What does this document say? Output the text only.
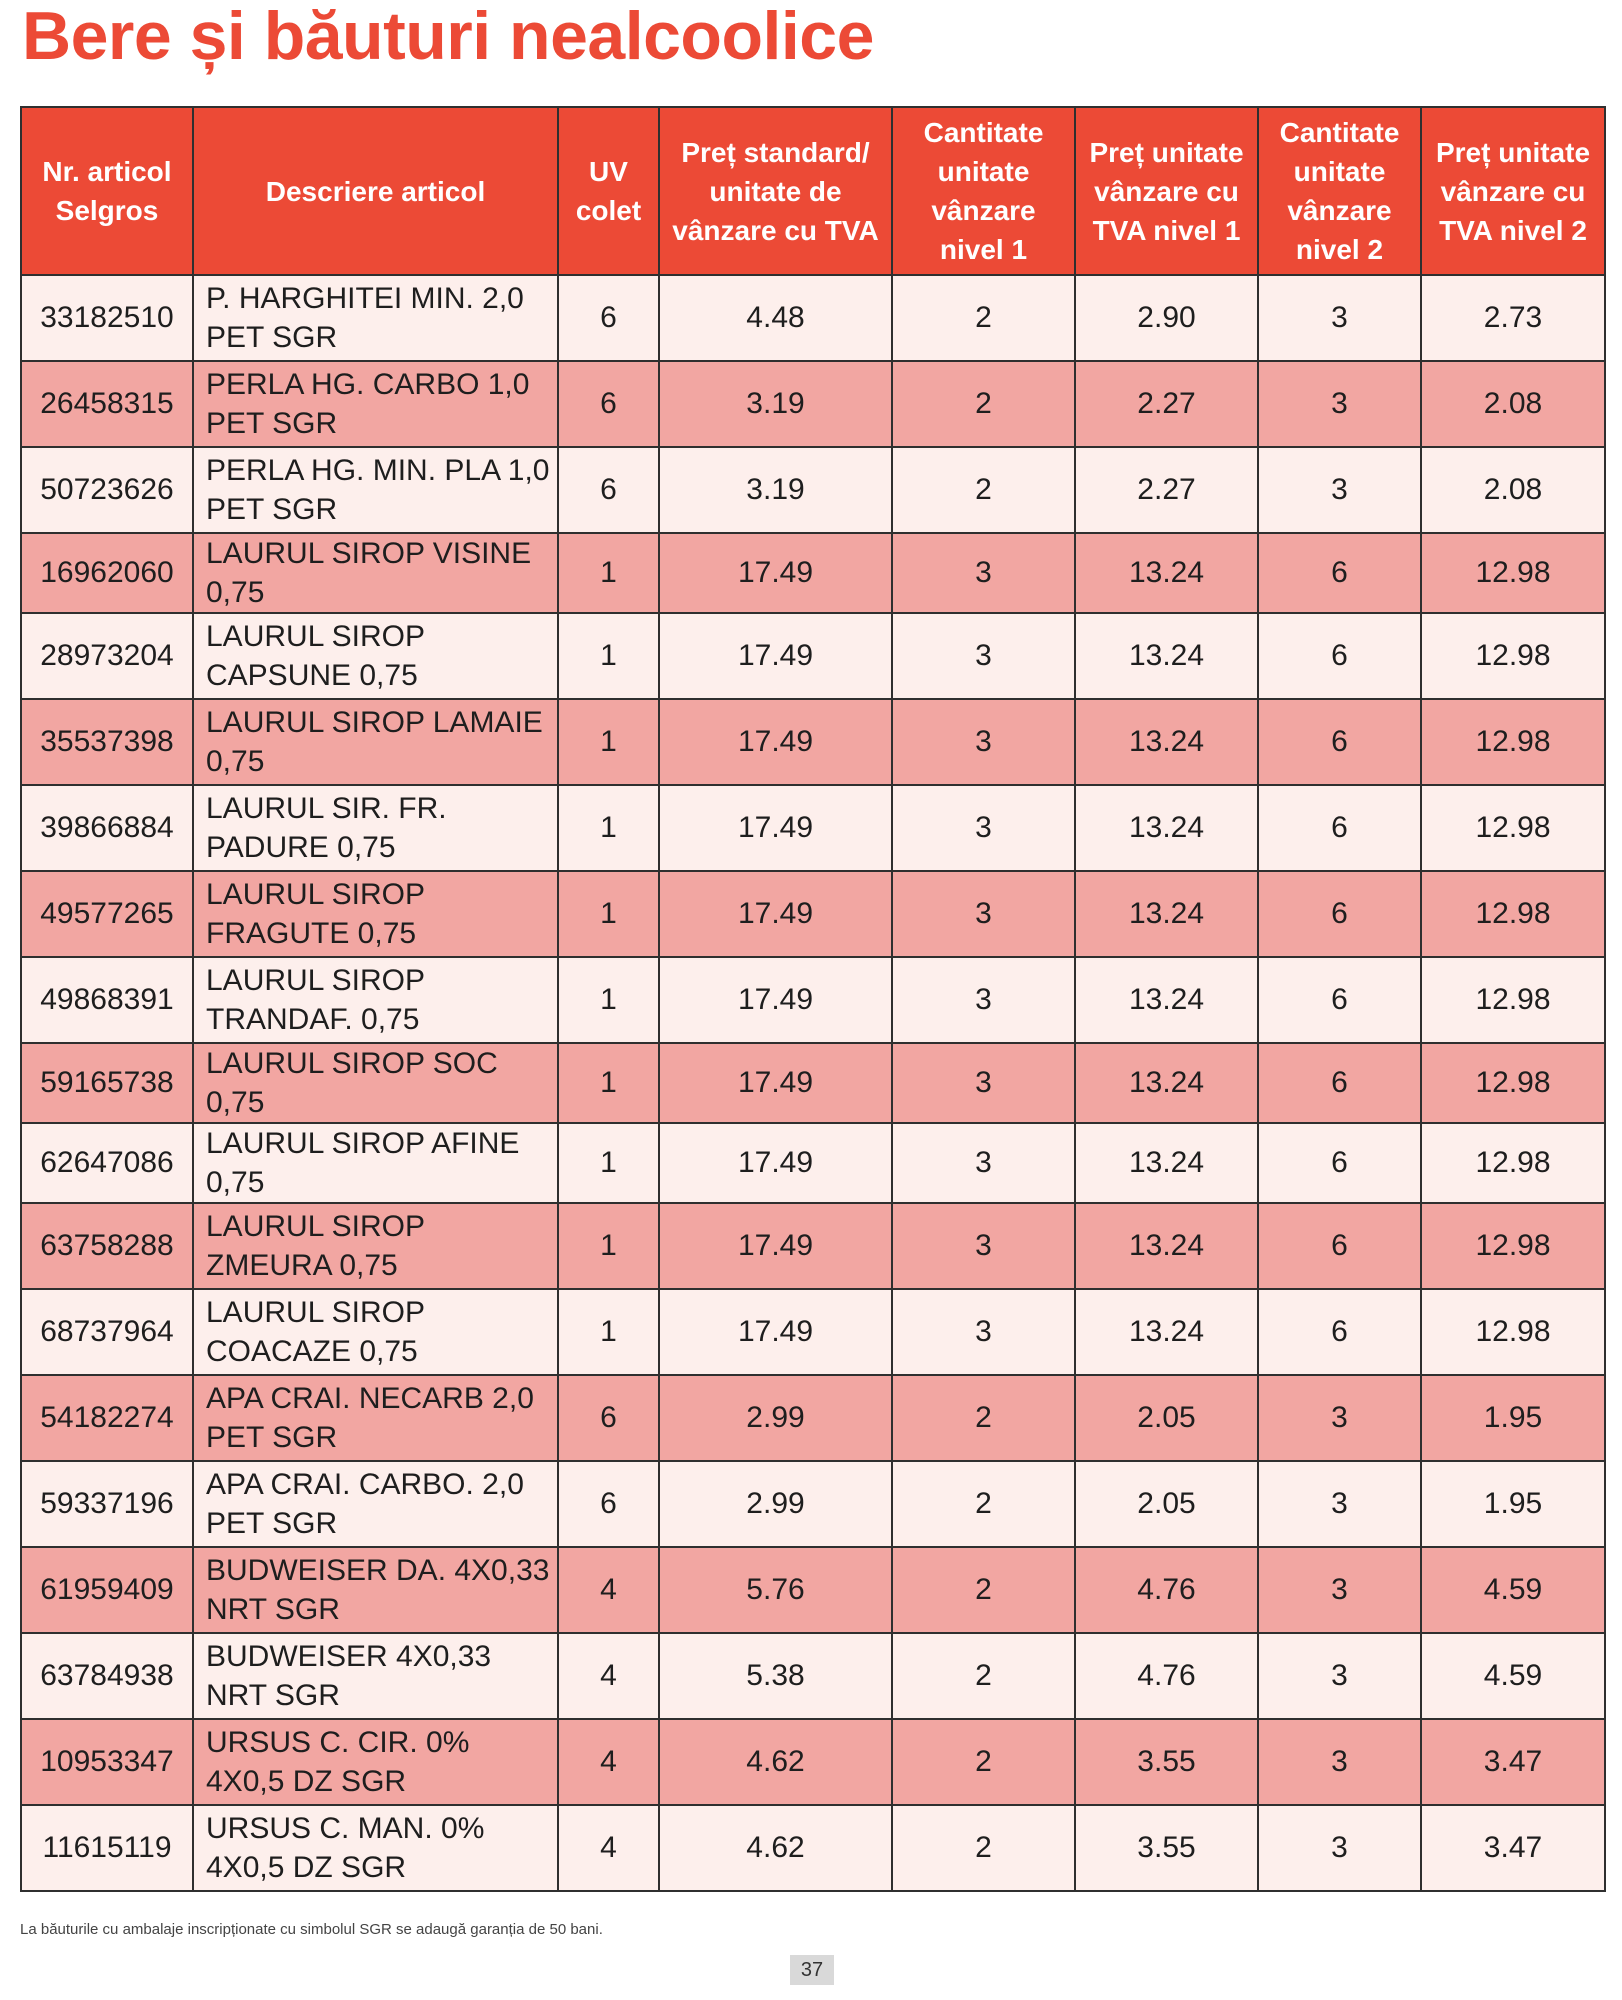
Bere și băuturi nealcoolice
Nr. articol Selgros	Descriere articol	UV colet	Preț standard/ unitate de vânzare cu TVA	Cantitate unitate vânzare nivel 1	Preț unitate vânzare cu TVA nivel 1	Cantitate unitate vânzare nivel 2	Preț unitate vânzare cu TVA nivel 2
33182510	P. HARGHITEI MIN. 2,0 PET SGR	6	4.48	2	2.90	3	2.73
26458315	PERLA HG. CARBO 1,0 PET SGR	6	3.19	2	2.27	3	2.08
50723626	PERLA HG. MIN. PLA 1,0 PET SGR	6	3.19	2	2.27	3	2.08
16962060	LAURUL SIROP VISINE 0,75	1	17.49	3	13.24	6	12.98
28973204	LAURUL SIROP CAPSUNE 0,75	1	17.49	3	13.24	6	12.98
35537398	LAURUL SIROP LAMAIE 0,75	1	17.49	3	13.24	6	12.98
39866884	LAURUL SIR. FR. PADURE 0,75	1	17.49	3	13.24	6	12.98
49577265	LAURUL SIROP FRAGUTE 0,75	1	17.49	3	13.24	6	12.98
49868391	LAURUL SIROP TRANDAF. 0,75	1	17.49	3	13.24	6	12.98
59165738	LAURUL SIROP SOC 0,75	1	17.49	3	13.24	6	12.98
62647086	LAURUL SIROP AFINE 0,75	1	17.49	3	13.24	6	12.98
63758288	LAURUL SIROP ZMEURA 0,75	1	17.49	3	13.24	6	12.98
68737964	LAURUL SIROP COACAZE 0,75	1	17.49	3	13.24	6	12.98
54182274	APA CRAI. NECARB 2,0 PET SGR	6	2.99	2	2.05	3	1.95
59337196	APA CRAI. CARBO. 2,0 PET SGR	6	2.99	2	2.05	3	1.95
61959409	BUDWEISER DA. 4X0,33 NRT SGR	4	5.76	2	4.76	3	4.59
63784938	BUDWEISER 4X0,33 NRT SGR	4	5.38	2	4.76	3	4.59
10953347	URSUS C. CIR. 0% 4X0,5 DZ SGR	4	4.62	2	3.55	3	3.47
11615119	URSUS C. MAN. 0% 4X0,5 DZ SGR	4	4.62	2	3.55	3	3.47
La băuturile cu ambalaje inscripționate cu simbolul SGR se adaugă garanția de 50 bani.
37
